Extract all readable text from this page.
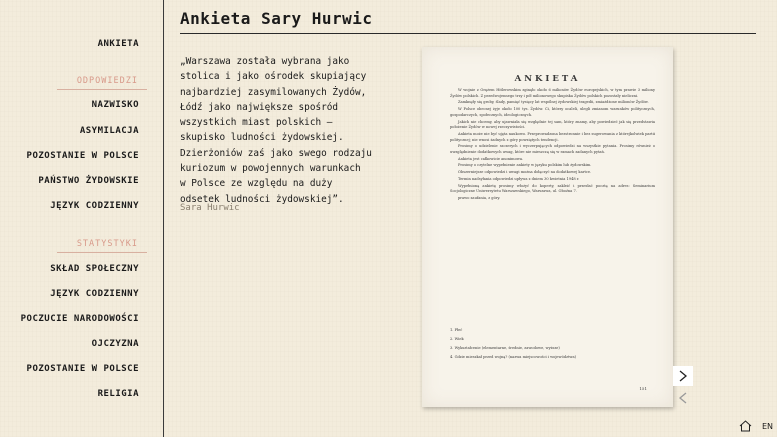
ANKIETA
ODPOWIEDZI
NAZWISKO
ASYMILACJA
POZOSTANIE W POLSCE
PAŃSTWO ŻYDOWSKIE
JĘZYK CODZIENNY
STATYSTYKI
SKŁAD SPOŁECZNY
JĘZYK CODZIENNY
POCZUCIE NARODOWOŚCI
OJCZYZNA
POZOSTANIE W POLSCE
RELIGIA
Ankieta Sary Hurwic
„Warszawa została wybrana jako
stolica i jako ośrodek skupiający
najbardziej zasymilowanych Żydów,
Łódź jako największe spośród
wszystkich miast polskich —
skupisko ludności żydowskiej.
Dzierżoniów zaś jako swego rodzaju
kuriozum w powojennych warunkach
w Polsce ze względu na duży
odsetek ludności żydowskiej”.
Sara Hurwic
ANKIETA

W wojnie z Orężem Hitlerowskim zginęło około 6 milionów Żydów europejskich, w tym prawie 3 miliony Żydów polskich. Z przedwojennego trzy i pół milionowego skupiska Żydów polskich pozostały nieliczni.

Zamknęły się groby, ślady, pamięć tysięcy lat wspólnej żydowskiej tragedii, zmiażdżone milionów Żydów.

W Polsce obecnej żyje około 100 tys. Żydów. Ci, którzy ocaleli, ulegli zmianom warunków politycznych, gospodarczych, społecznych, ideologicznych.

Jakich nie chcemy, aby ujawniała się względnie tej sam, który znamy, aby powiedzieć jak się przedstawia położenie Żydów w nowej rzeczywistości.

Ankieta może nie być ujęta naukowo. Przeprowadzona bezstronnie i bez sugerowania z którejkolwiek partii politycznej; nie wnosi żadnych z góry powziętych tendencji.

Prosimy o udzielenie szczerych i wyczerpujących odpowiedzi na wszystkie pytania. Prosimy również o uwzględnienie dodatkowych uwag, które nie mieszczą się w ramach zadanych pytań.

Ankieta jest całkowicie anonimowa.

Prosimy o czytelne wypełnienie ankiety w języku polskim lub żydowskim.

Obszerniejsze odpowiedzi i uwagi można dołączyć na dodatkowej kartce.

Termin nadsyłania odpowiedzi upływa z dniem 30 kwietnia 1948 r.

Wypełnioną ankietę prosimy włożyć do koperty, zakleić i przesłać pocztą na adres: Seminarium Socjologiczne Uniwersytetu Warszawskiego, Warszawa, ul. Oboźna 7.

prawo zaufania, z góry.

1. Płeć
2. Wiek
3. Wykształcenie (elementarne, średnie, zawodowe, wyższe)
4. Gdzie mieszkał przed wojną? (nazwa miejscowości i województwa)
151
EN
